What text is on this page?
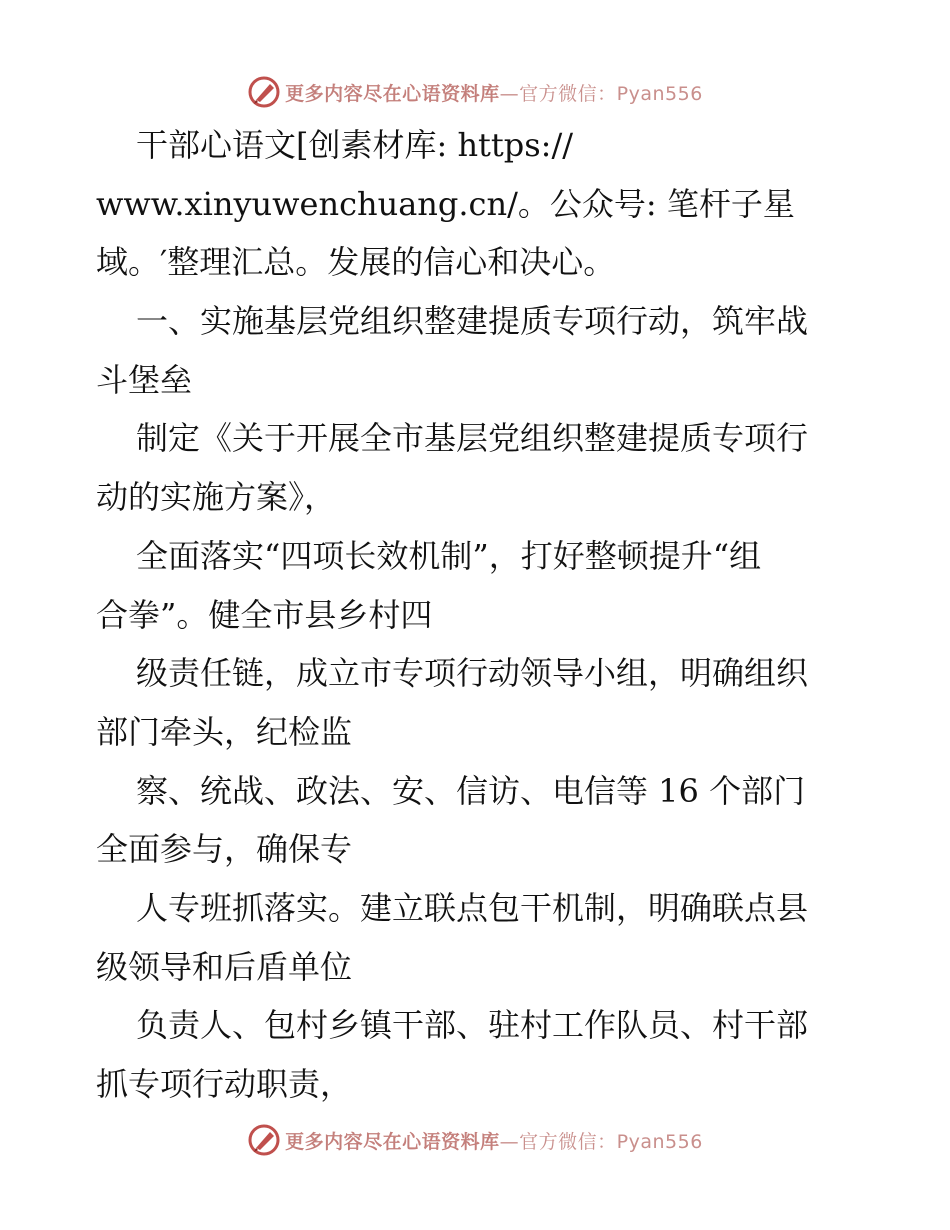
更多内容尽在心语资料库—官方微信：Pyan556
干部心语文[创素材库: https://
www.xinyuwenchuang.cn/。公众号: 笔杆子星
域。′整理汇总。发展的信心和决心。
一、实施基层党组织整建提质专项行动，筑牢战
斗堡垒
制定《关于开展全市基层党组织整建提质专项行
动的实施方案》，
全面落实“四项长效机制”，打好整顿提升“组
合拳”。健全市县乡村四
级责任链，成立市专项行动领导小组，明确组织
部门牵头，纪检监
察、统战、政法、安、信访、电信等 16 个部门
全面参与，确保专
人专班抓落实。建立联点包干机制，明确联点县
级领导和后盾单位
负责人、包村乡镇干部、驻村工作队员、村干部
抓专项行动职责，
更多内容尽在心语资料库—官方微信：Pyan556
